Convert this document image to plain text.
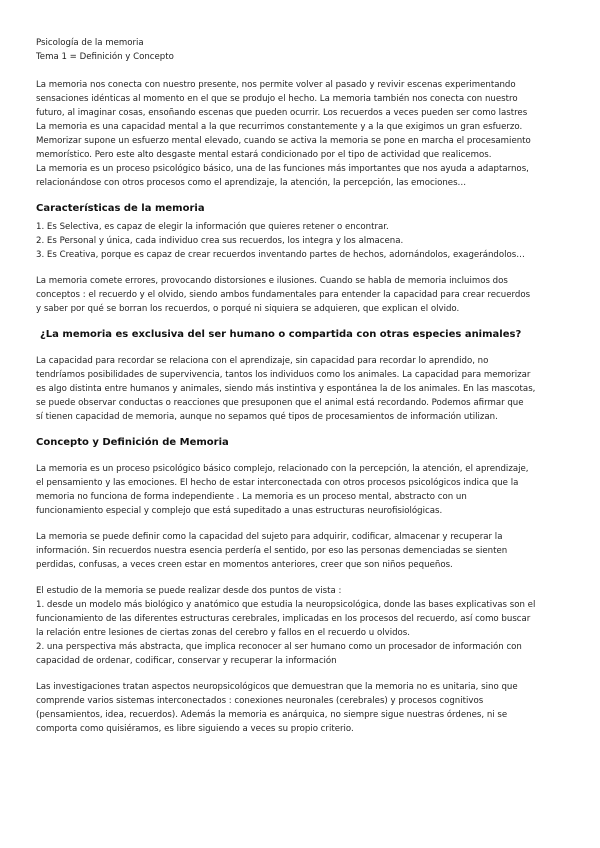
Psicología de la memoria

Tema 1 = Definición y Concepto

La memoria nos conecta con nuestro presente, nos permite volver al pasado y revivir escenas experimentando
sensaciones idénticas al momento en el que se produjo el hecho. La memoria también nos conecta con nuestro
futuro, al imaginar cosas, ensoñando escenas que pueden ocurrir. Los recuerdos a veces pueden ser como lastres
La memoria es una capacidad mental a la que recurrimos constantemente y a la que exigimos un gran esfuerzo.
Memorizar supone un esfuerzo mental elevado, cuando se activa la memoria se pone en marcha el procesamiento
memorístico. Pero este alto desgaste mental estará condicionado por el tipo de actividad que realicemos.
La memoria es un proceso psicológico básico, una de las funciones más importantes que nos ayuda a adaptarnos,
relacionándose con otros procesos como el aprendizaje, la atención, la percepción, las emociones…
Características de la memoria
1. Es Selectiva, es capaz de elegir la información que quieres retener o encontrar.
2. Es Personal y única, cada individuo crea sus recuerdos, los integra y los almacena.
3. Es Creativa, porque es capaz de crear recuerdos inventando partes de hechos, adornándolos, exagerándolos…
La memoria comete errores, provocando distorsiones e ilusiones. Cuando se habla de memoria incluimos dos
conceptos : el recuerdo y el olvido, siendo ambos fundamentales para entender la capacidad para crear recuerdos
y saber por qué se borran los recuerdos, o porqué ni siquiera se adquieren, que explican el olvido.
¿La memoria es exclusiva del ser humano o compartida con otras especies animales?
La capacidad para recordar se relaciona con el aprendizaje, sin capacidad para recordar lo aprendido, no
tendríamos posibilidades de supervivencia, tantos los individuos como los animales. La capacidad para memorizar
es algo distinta entre humanos y animales, siendo más instintiva y espontánea la de los animales. En las mascotas,
se puede observar conductas o reacciones que presuponen que el animal está recordando. Podemos afirmar que
sí tienen capacidad de memoria, aunque no sepamos qué tipos de procesamientos de información utilizan.
Concepto y Definición de Memoria
La memoria es un proceso psicológico básico complejo, relacionado con la percepción, la atención, el aprendizaje,
el pensamiento y las emociones. El hecho de estar interconectada con otros procesos psicológicos indica que la
memoria no funciona de forma independiente . La memoria es un proceso mental, abstracto con un
funcionamiento especial y complejo que está supeditado a unas estructuras neurofisiológicas.
La memoria se puede definir como la capacidad del sujeto para adquirir, codificar, almacenar y recuperar la
información. Sin recuerdos nuestra esencia perdería el sentido, por eso las personas demenciadas se sienten
perdidas, confusas, a veces creen estar en momentos anteriores, creer que son niños pequeños.
El estudio de la memoria se puede realizar desde dos puntos de vista :
1. desde un modelo más biológico y anatómico que estudia la neuropsicológica, donde las bases explicativas son el
funcionamiento de las diferentes estructuras cerebrales, implicadas en los procesos del recuerdo, así como buscar
la relación entre lesiones de ciertas zonas del cerebro y fallos en el recuerdo u olvidos.
2. una perspectiva más abstracta, que implica reconocer al ser humano como un procesador de información con
capacidad de ordenar, codificar, conservar y recuperar la información
Las investigaciones tratan aspectos neuropsicológicos que demuestran que la memoria no es unitaria, sino que
comprende varios sistemas interconectados : conexiones neuronales (cerebrales) y procesos cognitivos
(pensamientos, idea, recuerdos). Además la memoria es anárquica, no siempre sigue nuestras órdenes, ni se
comporta como quisiéramos, es libre siguiendo a veces su propio criterio.
